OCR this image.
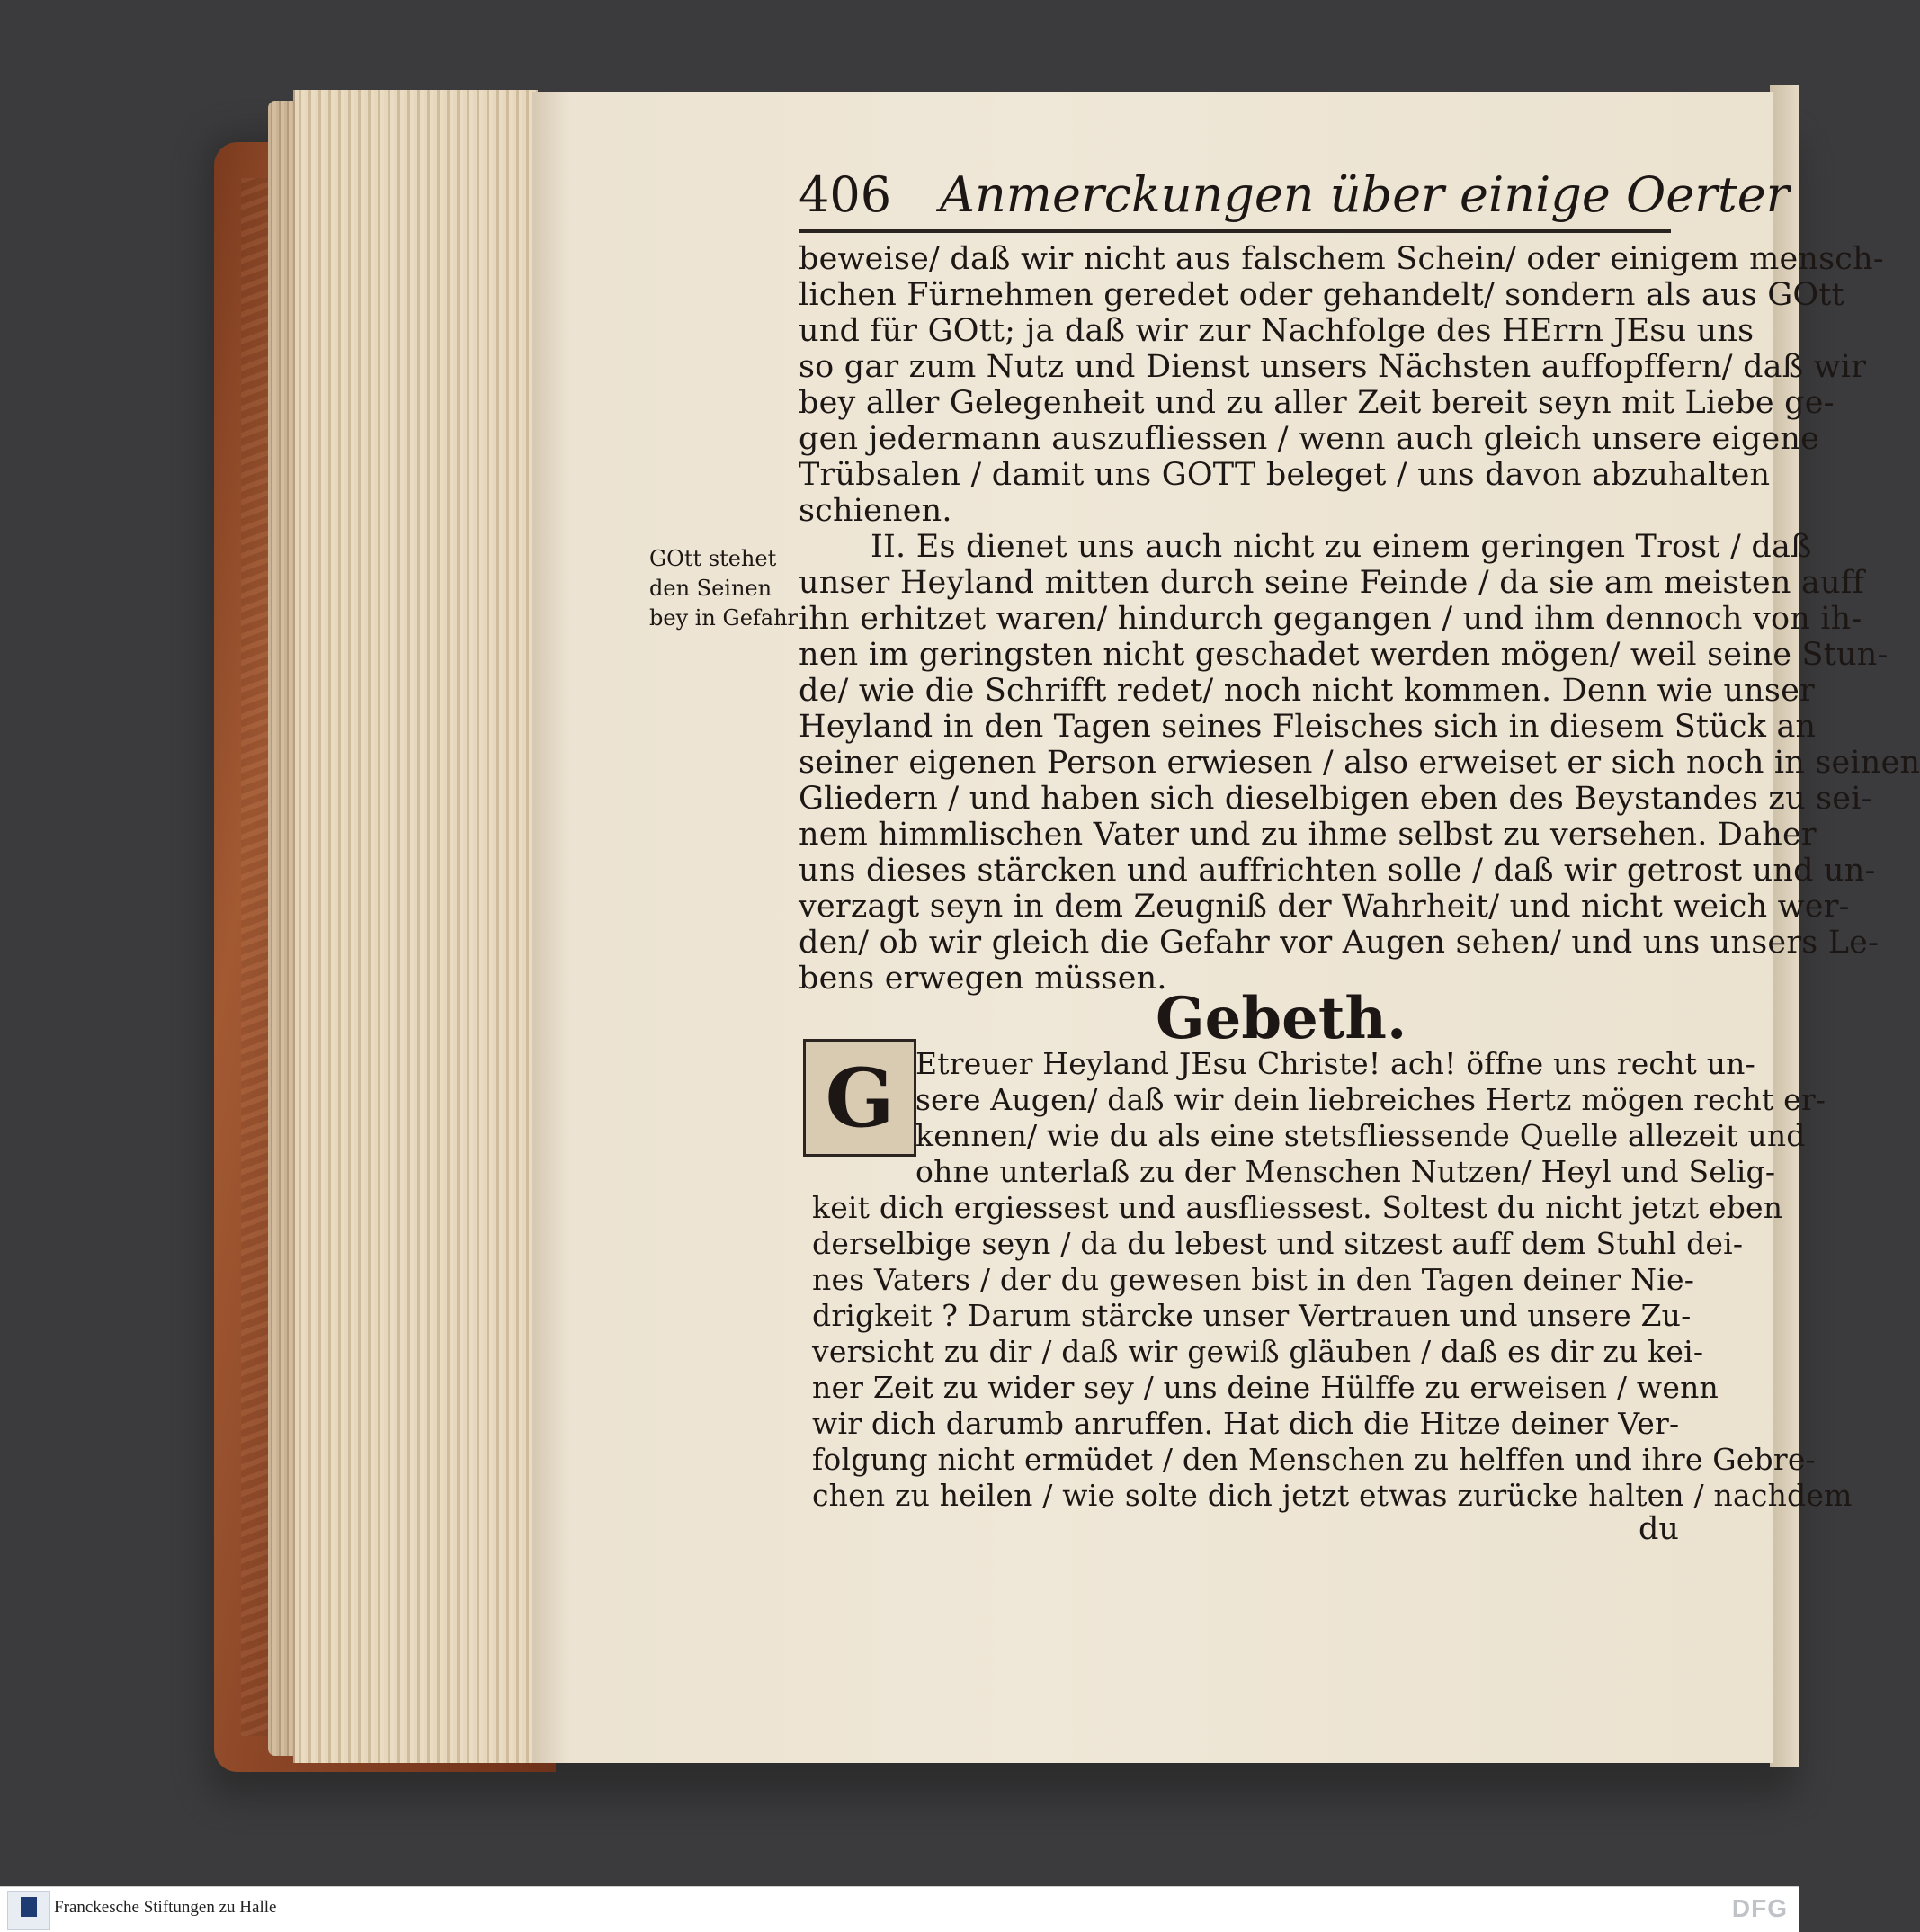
406 Anmerckungen über einige Oerter
GOtt stehet
den Seinen
bey in Gefahr
beweise/ daß wir nicht aus falschem Schein/ oder einigem mensch-
lichen Fürnehmen geredet oder gehandelt/ sondern als aus GOtt
und für GOtt; ja daß wir zur Nachfolge des HErrn JEsu uns
so gar zum Nutz und Dienst unsers Nächsten auffopffern/ daß wir
bey aller Gelegenheit und zu aller Zeit bereit seyn mit Liebe ge-
gen jedermann auszufliessen / wenn auch gleich unsere eigene
Trübsalen / damit uns GOTT beleget / uns davon abzuhalten
schienen.
II. Es dienet uns auch nicht zu einem geringen Trost / daß
unser Heyland mitten durch seine Feinde / da sie am meisten auff
ihn erhitzet waren/ hindurch gegangen / und ihm dennoch von ih-
nen im geringsten nicht geschadet werden mögen/ weil seine Stun-
de/ wie die Schrifft redet/ noch nicht kommen. Denn wie unser
Heyland in den Tagen seines Fleisches sich in diesem Stück an
seiner eigenen Person erwiesen / also erweiset er sich noch in seinen
Gliedern / und haben sich dieselbigen eben des Beystandes zu sei-
nem himmlischen Vater und zu ihme selbst zu versehen. Daher
uns dieses stärcken und auffrichten solle / daß wir getrost und un-
verzagt seyn in dem Zeugniß der Wahrheit/ und nicht weich wer-
den/ ob wir gleich die Gefahr vor Augen sehen/ und uns unsers Le-
bens erwegen müssen.
Gebeth.
G Etreuer Heyland JEsu Christe! ach! öffne uns recht un-
sere Augen/ daß wir dein liebreiches Hertz mögen recht er-
kennen/ wie du als eine stetsfliessende Quelle allezeit und
ohne unterlaß zu der Menschen Nutzen/ Heyl und Selig-
keit dich ergiessest und ausfliessest. Soltest du nicht jetzt eben
derselbige seyn / da du lebest und sitzest auff dem Stuhl dei-
nes Vaters / der du gewesen bist in den Tagen deiner Nie-
drigkeit ? Darum stärcke unser Vertrauen und unsere Zu-
versicht zu dir / daß wir gewiß gläuben / daß es dir zu kei-
ner Zeit zu wider sey / uns deine Hülffe zu erweisen / wenn
wir dich darumb anruffen. Hat dich die Hitze deiner Ver-
folgung nicht ermüdet / den Menschen zu helffen und ihre Gebre-
chen zu heilen / wie solte dich jetzt etwas zurücke halten / nachdem
du
Franckesche Stiftungen zu Halle	DFG
